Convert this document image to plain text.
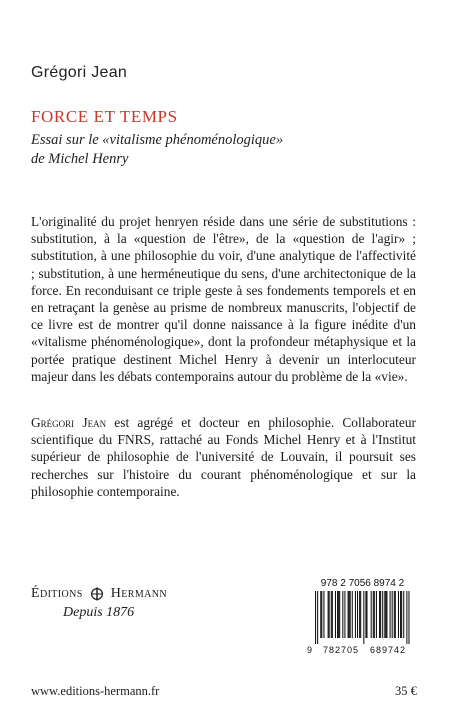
Grégori Jean
FORCE ET TEMPS
Essai sur le «vitalisme phénoménologique»
de Michel Henry

L'originalité du projet henryen réside dans une série de substitutions : substitution, à la «question de l'être», de la «question de l'agir» ; substitution, à une philosophie du voir, d'une analytique de l'affectivité ; substitution, à une herméneutique du sens, d'une architectonique de la force. En reconduisant ce triple geste à ses fondements temporels et en en retraçant la genèse au prisme de nombreux manuscrits, l'objectif de ce livre est de montrer qu'il donne naissance à la figure inédite d'un «vitalisme phénoménologique», dont la profondeur métaphysique et la portée pratique destinent Michel Henry à devenir un interlocuteur majeur dans les débats contemporains autour du problème de la «vie».

Grégori Jean est agrégé et docteur en philosophie. Collaborateur scientifique du FNRS, rattaché au Fonds Michel Henry et à l'Institut supérieur de philosophie de l'université de Louvain, il poursuit ses recherches sur l'histoire du courant phénoménologique et sur la philosophie contemporaine.

Éditions Hermann
Depuis 1876
978 2 7056 8974 2
9 782705 689742
www.editions-hermann.fr	35 €
